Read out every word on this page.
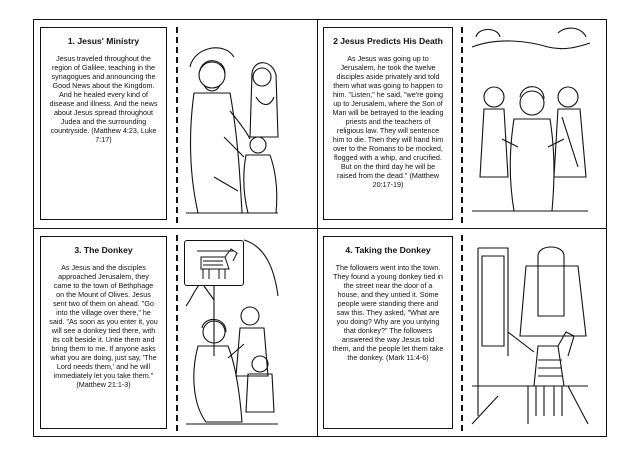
1. Jesus' Ministry

Jesus traveled throughout the region of Galilee, teaching in the synagogues and announcing the Good News about the Kingdom. And he healed every kind of disease and illness. And the news about Jesus spread throughout Judea and the surrounding countryside. (Matthew 4:23, Luke 7:17)

2 Jesus Predicts His Death

As Jesus was going up to Jerusalem, he took the twelve disciples aside privately and told them what was going to happen to him. "Listen," he said, "we're going up to Jerusalem, where the Son of Man will be betrayed to the leading priests and the teachers of religious law. They will sentence him to die. Then they will hand him over to the Romans to be mocked, flogged with a whip, and crucified. But on the third day he will be raised from the dead." (Matthew 20:17-19)

3. The Donkey

As Jesus and the disciples approached Jerusalem, they came to the town of Bethphage on the Mount of Olives. Jesus sent two of them on ahead. "Go into the village over there," he said. "As soon as you enter it, you will see a donkey tied there, with its colt beside it. Untie them and bring them to me. If anyone asks what you are doing, just say, 'The Lord needs them,' and he will immediately let you take them." (Matthew 21:1-3)

4. Taking the Donkey

The followers went into the town. They found a young donkey tied in the street near the door of a house, and they untied it. Some people were standing there and saw this. They asked, "What are you doing? Why are you untying that donkey?" The followers answered the way Jesus told them, and the people let them take the donkey. (Mark 11:4-6)
